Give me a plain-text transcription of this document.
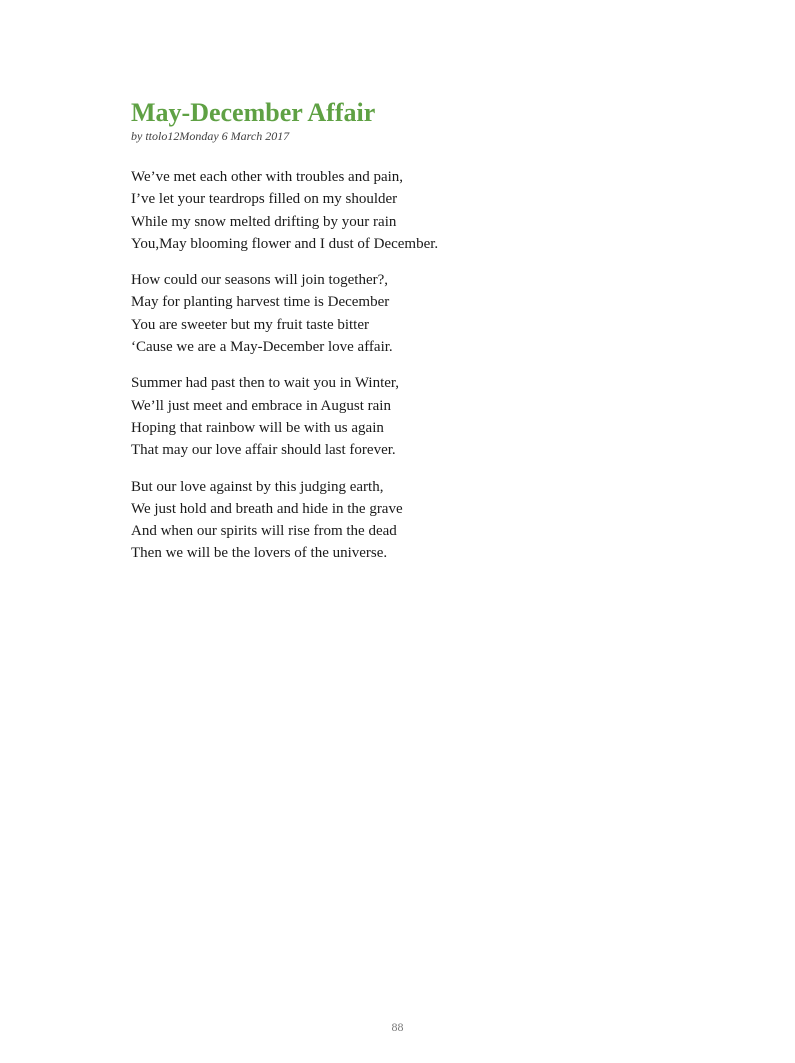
May-December Affair

by ttolo12Monday 6 March 2017

We’ve met each other with troubles and pain,
I’ve let your teardrops filled on my shoulder
While my snow melted drifting by your rain
You,May blooming flower and I dust of December.
How could our seasons will join together?,
May for planting harvest time is December
You are sweeter but my fruit taste bitter
‘Cause we are a May-December love affair.
Summer had past then to wait you in Winter,
We’ll just meet and embrace in August rain
Hoping that rainbow will be with us again
That may our love affair should last forever.
But our love against by this judging earth,
We just hold and breath and hide in the grave
And when our spirits will rise from the dead
Then we will be the lovers of the universe.
88
